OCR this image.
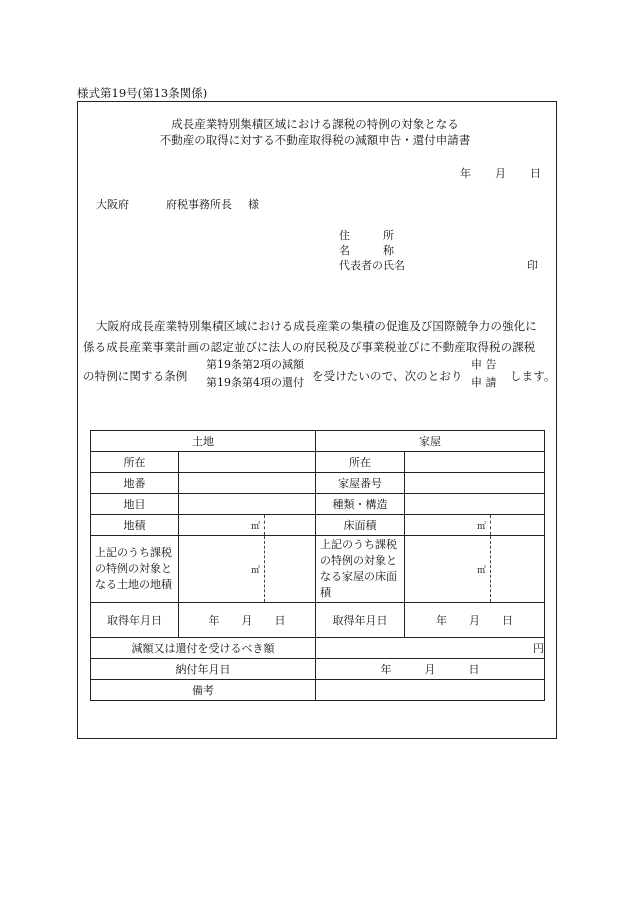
様式第19号(第13条関係)
成長産業特別集積区域における課税の特例の対象となる
不動産の取得に対する不動産取得税の減額申告・還付申請書
年 月 日
大阪府	府税事務所長 様
住　　　所
名　　　称
代表者の氏名	印
大阪府成長産業特別集積区域における成長産業の集積の促進及び国際競争力の強化に
係る成長産業事業計画の認定並びに法人の府民税及び事業税並びに不動産取得税の課税
の特例に関する条例
第19条第2項の減額
第19条第4項の還付 を受けたいので、次のとおり
申 告
申 請 します。
土地			家屋		
所在			所在		
地番			家屋番号		
地目			種類・構造		
地積	㎡		床面積	㎡	

上記のうち課税の特例の対象となる土地の地積	㎡		上記のうち課税の特例の対象となる家屋の床面積	㎡	

取得年月日	年　　月　　日		取得年月日	年　　月　　日	
減額又は還付を受けるべき額			円		
納付年月日			年　　　月　　　日		
備考					
